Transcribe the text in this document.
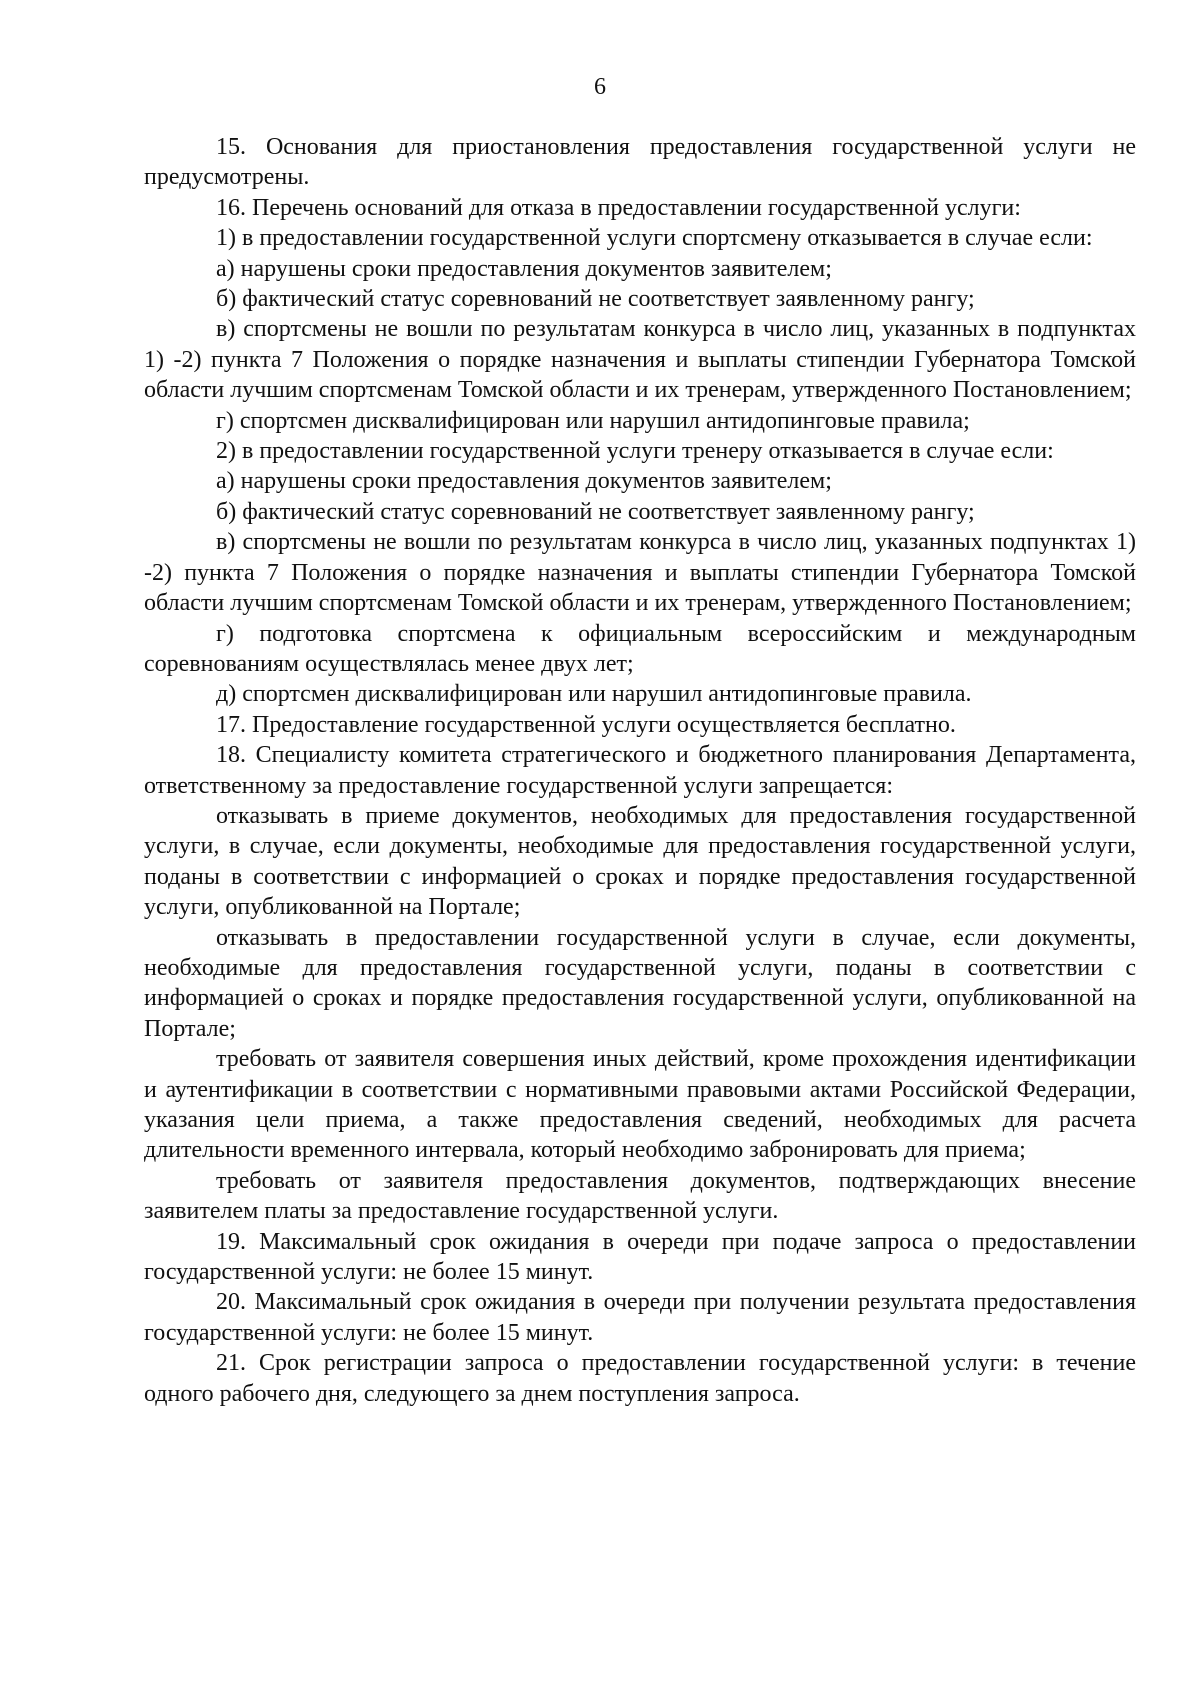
6

15. Основания для приостановления предоставления государственной услуги не предусмотрены.

16. Перечень оснований для отказа в предоставлении государственной услуги:

1) в предоставлении государственной услуги спортсмену отказывается в случае если:

а) нарушены сроки предоставления документов заявителем;

б) фактический статус соревнований не соответствует заявленному рангу;

в) спортсмены не вошли по результатам конкурса в число лиц, указанных в подпунктах 1) -2) пункта 7 Положения о порядке назначения и выплаты стипендии Губернатора Томской области лучшим спортсменам Томской области и их тренерам, утвержденного Постановлением;

г) спортсмен дисквалифицирован или нарушил антидопинговые правила;

2) в предоставлении государственной услуги тренеру отказывается в случае если:

а) нарушены сроки предоставления документов заявителем;

б) фактический статус соревнований не соответствует заявленному рангу;

в) спортсмены не вошли по результатам конкурса в число лиц, указанных подпунктах 1) -2) пункта 7 Положения о порядке назначения и выплаты стипендии Губернатора Томской области лучшим спортсменам Томской области и их тренерам, утвержденного Постановлением;

г) подготовка спортсмена к официальным всероссийским и международным соревнованиям осуществлялась менее двух лет;

д) спортсмен дисквалифицирован или нарушил антидопинговые правила.

17. Предоставление государственной услуги осуществляется бесплатно.

18. Специалисту комитета стратегического и бюджетного планирования Департамента, ответственному за предоставление государственной услуги запрещается:

отказывать в приеме документов, необходимых для предоставления государственной услуги, в случае, если документы, необходимые для предоставления государственной услуги, поданы в соответствии с информацией о сроках и порядке предоставления государственной услуги, опубликованной на Портале;

отказывать в предоставлении государственной услуги в случае, если документы, необходимые для предоставления государственной услуги, поданы в соответствии с информацией о сроках и порядке предоставления государственной услуги, опубликованной на Портале;

требовать от заявителя совершения иных действий, кроме прохождения идентификации и аутентификации в соответствии с нормативными правовыми актами Российской Федерации, указания цели приема, а также предоставления сведений, необходимых для расчета длительности временного интервала, который необходимо забронировать для приема;

требовать от заявителя предоставления документов, подтверждающих внесение заявителем платы за предоставление государственной услуги.

19. Максимальный срок ожидания в очереди при подаче запроса о предоставлении государственной услуги: не более 15 минут.

20. Максимальный срок ожидания в очереди при получении результата предоставления государственной услуги: не более 15 минут.

21. Срок регистрации запроса о предоставлении государственной услуги: в течение одного рабочего дня, следующего за днем поступления запроса.
